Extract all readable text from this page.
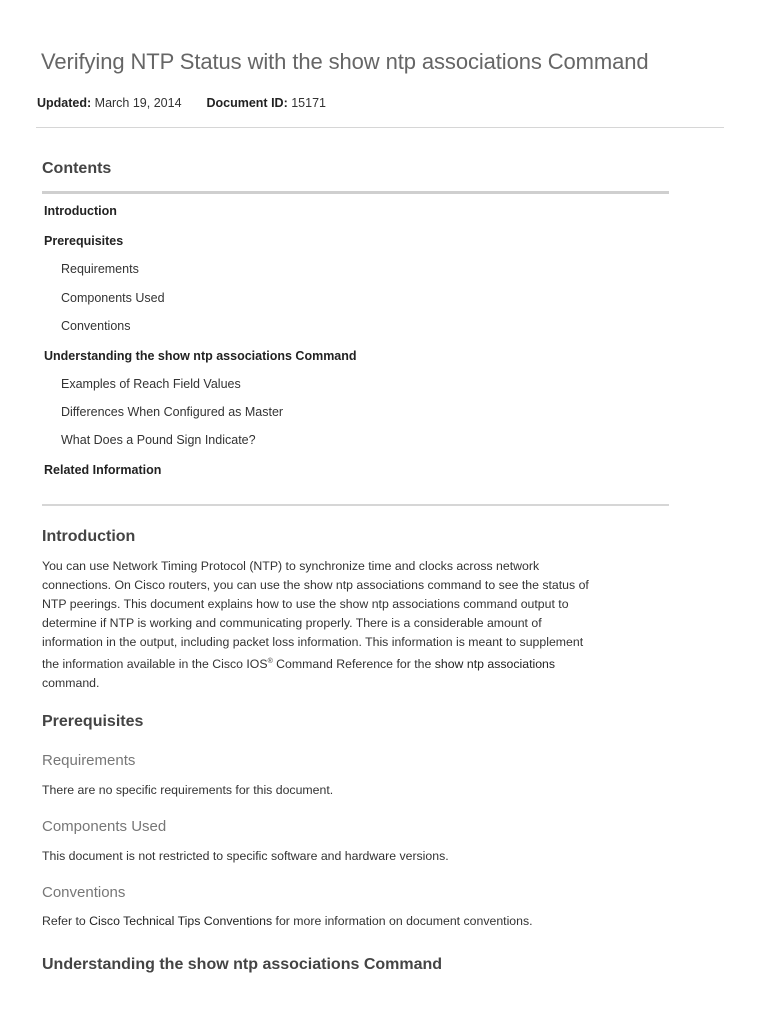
Verifying NTP Status with the show ntp associations Command
Updated: March 19, 2014 Document ID: 15171
Contents
Introduction
Prerequisites
Requirements
Components Used
Conventions
Understanding the show ntp associations Command
Examples of Reach Field Values
Differences When Configured as Master
What Does a Pound Sign Indicate?
Related Information
Introduction
You can use Network Timing Protocol (NTP) to synchronize time and clocks across network
connections. On Cisco routers, you can use the show ntp associations command to see the status of
NTP peerings. This document explains how to use the show ntp associations command output to
determine if NTP is working and communicating properly. There is a considerable amount of
information in the output, including packet loss information. This information is meant to supplement
the information available in the Cisco IOS® Command Reference for the show ntp associations
command.
Prerequisites
Requirements
There are no specific requirements for this document.
Components Used
This document is not restricted to specific software and hardware versions.
Conventions
Refer to Cisco Technical Tips Conventions for more information on document conventions.
Understanding the show ntp associations Command
